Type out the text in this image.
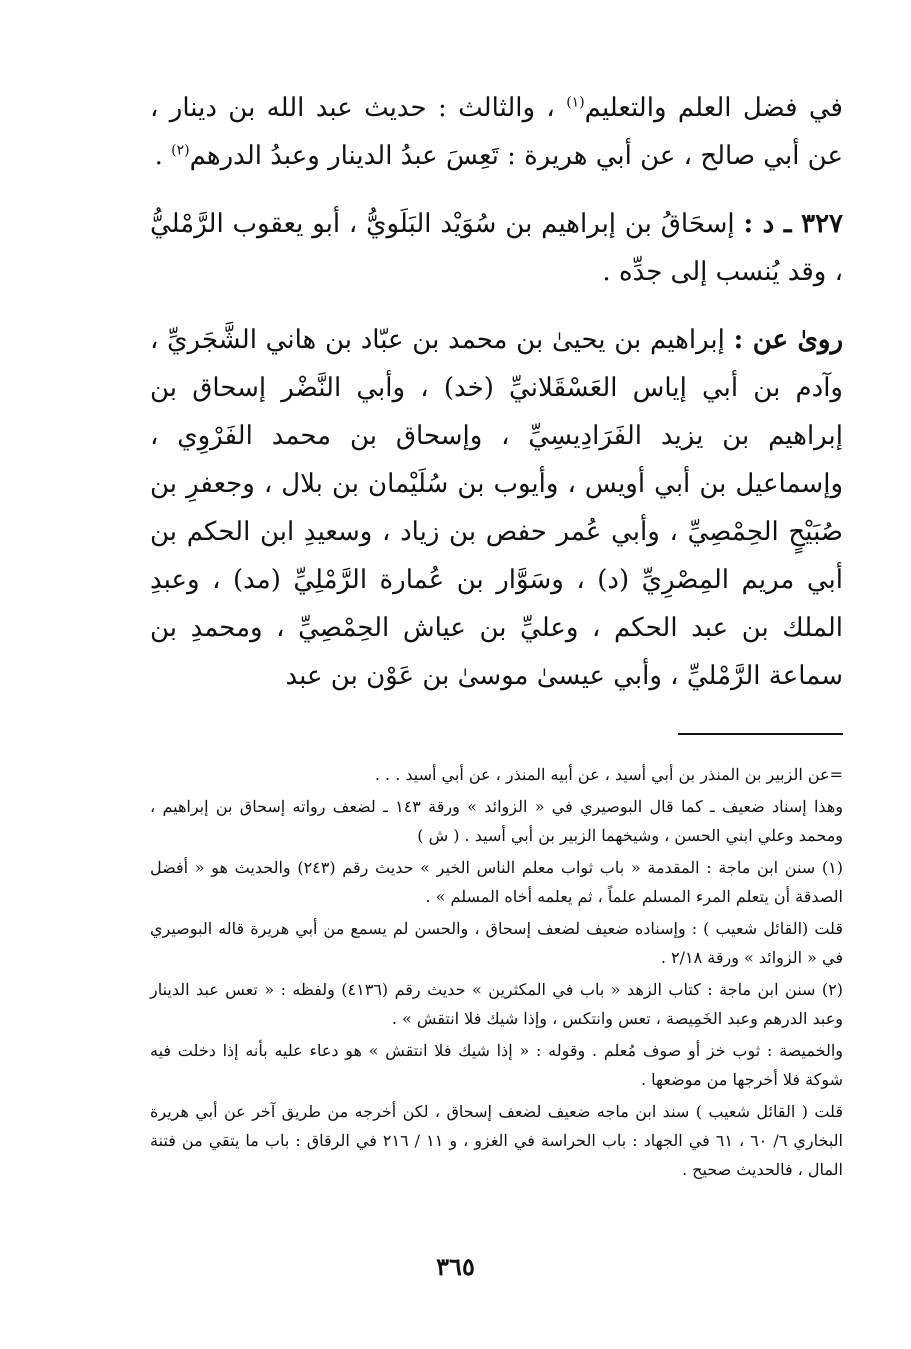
في فضل العلم والتعليم$^{(١)}$ ، والثالث : حديث عبد الله بن دينار ، عن أبي صالح ، عن أبي هريرة : تَعِسَ عبدُ الدينار وعبدُ الدرهم$^{(٢)}$ .

٣٢٧ ـ د : إسحَاقُ بن إبراهيم بن سُوَيْد البَلَويُّ ، أبو يعقوب الرَّمْليُّ ، وقد يُنسب إلى جدِّه .

روىٰ عن : إبراهيم بن يحيىٰ بن محمد بن عبّاد بن هاني الشَّجَريِّ ، وآدم بن أبي إياس العَسْقَلانيِّ (خد) ، وأبي النَّضْر إسحاق بن إبراهيم بن يزيد الفَرَادِيسِيِّ ، وإسحاق بن محمد الفَرْوِي ، وإسماعيل بن أبي أويس ، وأيوب بن سُلَيْمان بن بلال ، وجعفرِ بن صُبَيْحٍ الحِمْصِيِّ ، وأبي عُمر حفص بن زياد ، وسعيدِ ابن الحكم بن أبي مريم المِصْرِيِّ (د) ، وسَوَّار بن عُمارة الرَّمْلِيِّ (مد) ، وعبدِ الملك بن عبد الحكم ، وعليِّ بن عياش الحِمْصِيِّ ، ومحمدِ بن سماعة الرَّمْليِّ ، وأبي عيسىٰ موسىٰ بن عَوْن بن عبد

=عن الزبير بن المنذر بن أبي أسيد ، عن أبيه المنذر ، عن أبي أسيد . . .

وهذا إسناد ضعيف ـ كما قال البوصيري في « الزوائد » ورقة ١٤٣ ـ لضعف رواته إسحاق بن إبراهيم ، ومحمد وعلي ابني الحسن ، وشيخهما الزبير بن أبي أسيد . ( ش )

(١) سنن ابن ماجة : المقدمة « باب ثواب معلم الناس الخير » حديث رقم (٢٤٣) والحديث هو « أفضل الصدقة أن يتعلم المرء المسلم علماً ، ثم يعلمه أخاه المسلم » .

قلت (القائل شعيب ) : وإسناده ضعيف لضعف إسحاق ، والحسن لم يسمع من أبي هريرة قاله البوصيري في « الزوائد » ورقة ٢/١٨ .

(٢) سنن ابن ماجة : كتاب الزهد « باب في المكثرين » حديث رقم (٤١٣٦) ولفظه : « تعس عبد الدينار وعبد الدرهم وعبد الخَمِيصة ، تعس وانتكس ، وإذا شيك فلا انتقش » .

والخميصة : ثوب خز أو صوف مُعلم . وقوله : « إذا شيك فلا انتقش » هو دعاء عليه بأنه إذا دخلت فيه شوكة فلا أخرجها من موضعها .

قلت ( القائل شعيب ) سند ابن ماجه ضعيف لضعف إسحاق ، لكن أخرجه من طريق آخر عن أبي هريرة البخاري ٦/ ٦٠ ، ٦١ في الجهاد : باب الحراسة في الغزو ، و ١١ / ٢١٦ في الرقاق : باب ما يتقي من فتنة المال ، فالحديث صحيح .

٣٦٥
